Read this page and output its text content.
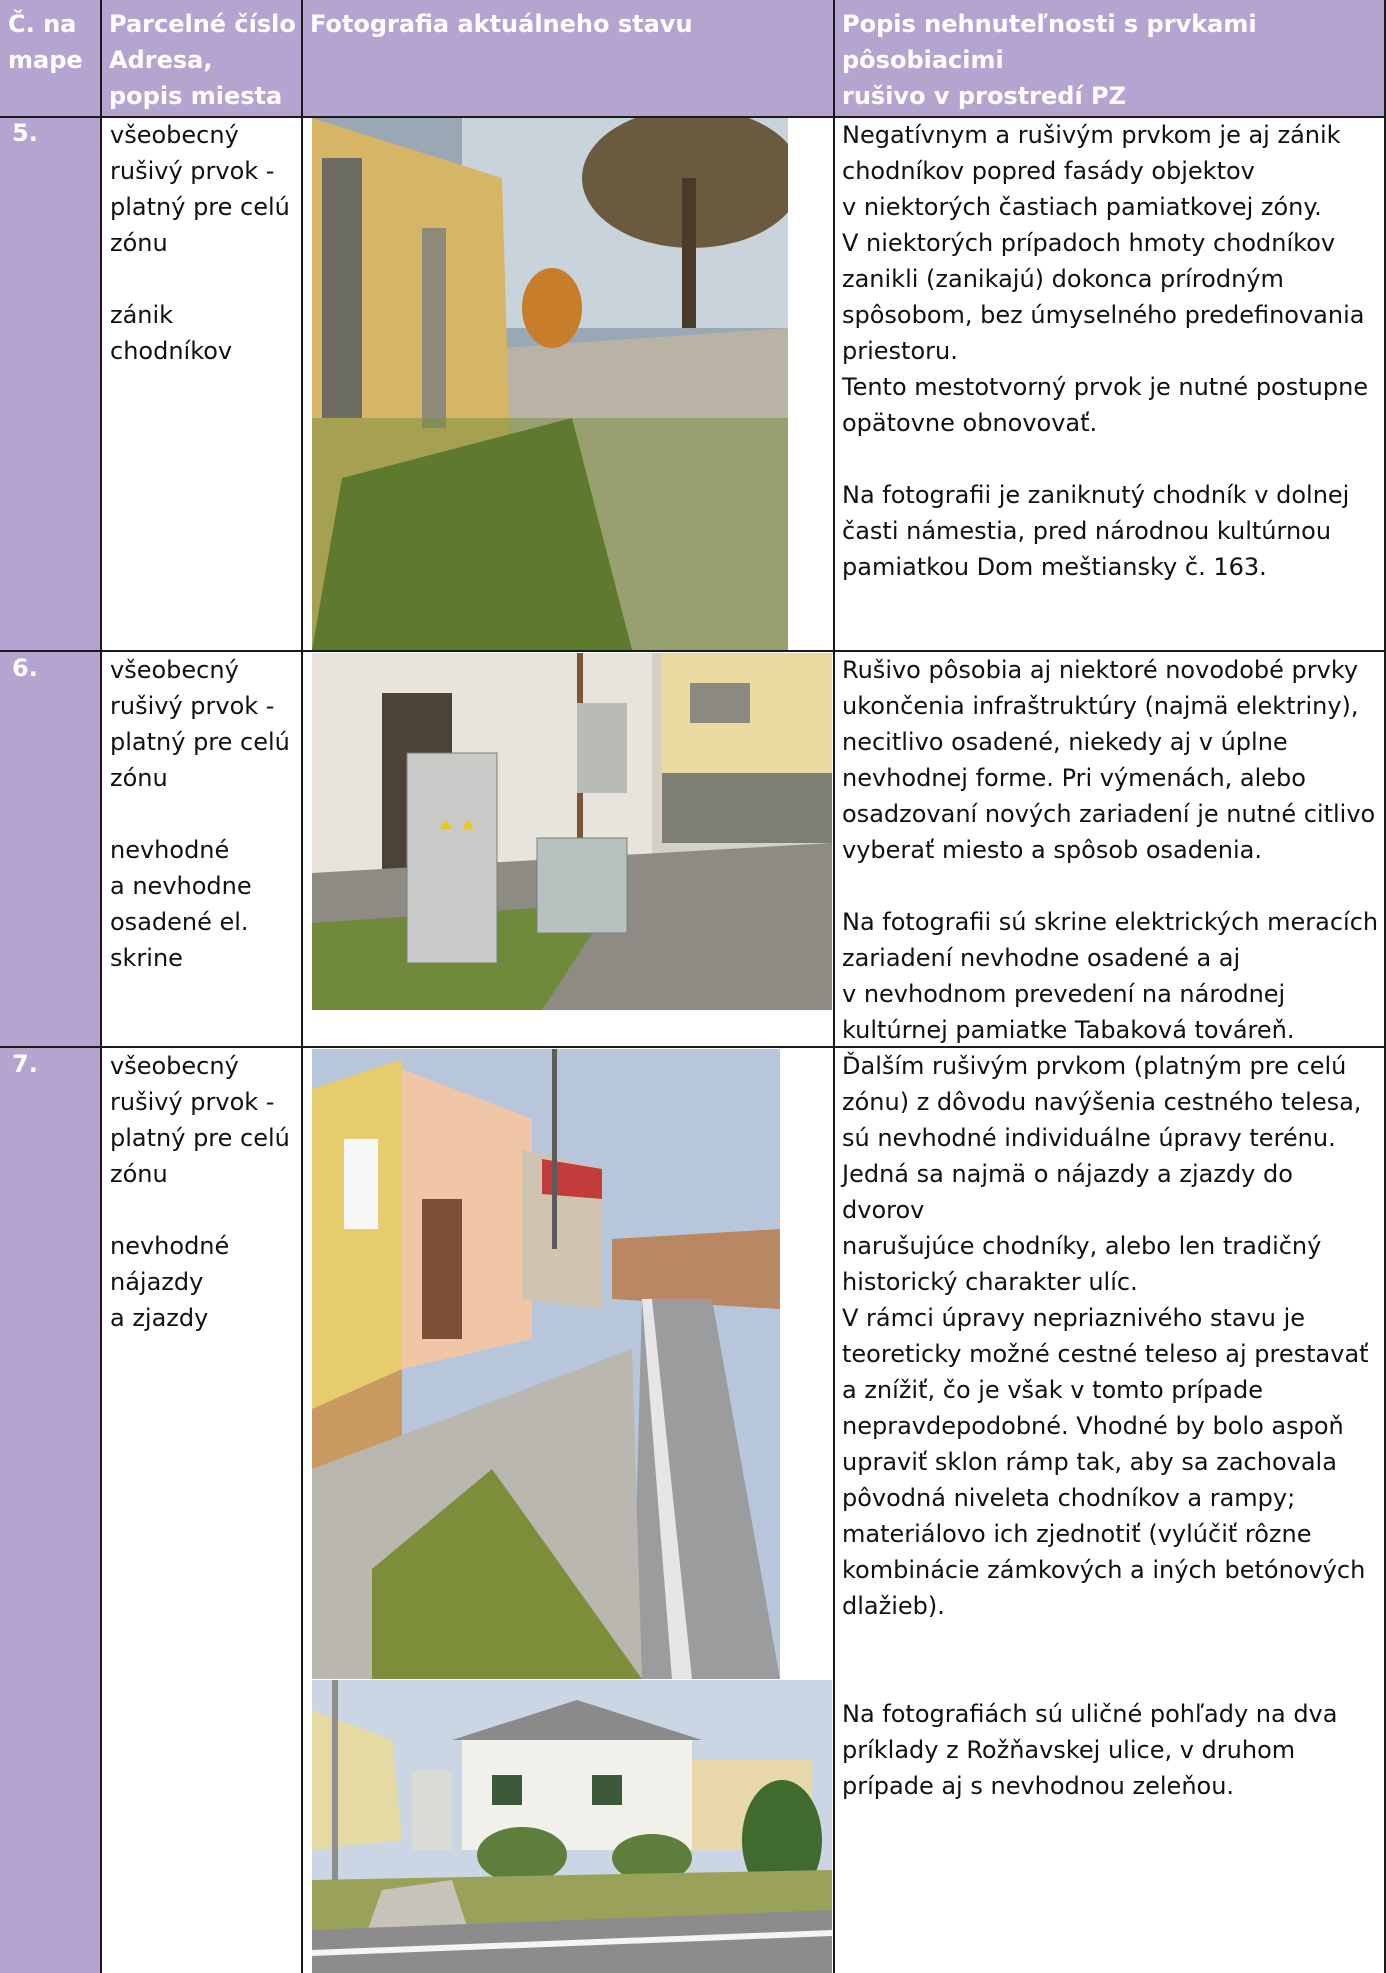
Č. na mape
Parcelné číslo
Adresa,
popis miesta
Fotografia aktuálneho stavu	Popis nehnuteľnosti s prvkami pôsobiacimi
rušivo v prostredí PZ
5.
6.
7.
všeobecný
rušivý prvok -
platný pre celú
zónu

zánik
chodníkov
všeobecný
rušivý prvok -
platný pre celú
zónu

nevhodné
a nevhodne
osadené el.
skrine
všeobecný
rušivý prvok -
platný pre celú
zónu

nevhodné
nájazdy
a zjazdy
Negatívnym a rušivým prvkom je aj zánik
chodníkov popred fasády objektov
v niektorých častiach pamiatkovej zóny.
V niektorých prípadoch hmoty chodníkov
zanikli (zanikajú) dokonca prírodným
spôsobom, bez úmyselného predefinovania
priestoru.
Tento mestotvorný prvok je nutné postupne
opätovne obnovovať.

Na fotografii je zaniknutý chodník v dolnej
časti námestia, pred národnou kultúrnou
pamiatkou Dom meštiansky č. 163.
Rušivo pôsobia aj niektoré novodobé prvky
ukončenia infraštruktúry (najmä elektriny),
necitlivo osadené, niekedy aj v úplne
nevhodnej forme. Pri výmenách, alebo
osadzovaní nových zariadení je nutné citlivo
vyberať miesto a spôsob osadenia.

Na fotografii sú skrine elektrických meracích
zariadení nevhodne osadené a aj
v nevhodnom prevedení na národnej
kultúrnej pamiatke Tabaková továreň.
Ďalším rušivým prvkom (platným pre celú
zónu) z dôvodu navýšenia cestného telesa,
sú nevhodné individuálne úpravy terénu.
Jedná sa najmä o nájazdy a zjazdy do dvorov
narušujúce chodníky, alebo len tradičný
historický charakter ulíc.
V rámci úpravy nepriaznivého stavu je
teoreticky možné cestné teleso aj prestavať
a znížiť, čo je však v tomto prípade
nepravdepodobné. Vhodné by bolo aspoň
upraviť sklon rámp tak, aby sa zachovala
pôvodná niveleta chodníkov a rampy;
materiálovo ich zjednotiť (vylúčiť rôzne
kombinácie zámkových a iných betónových
dlažieb).

Na fotografiách sú uličné pohľady na dva
príklady z Rožňavskej ulice, v druhom
prípade aj s nevhodnou zeleňou.
